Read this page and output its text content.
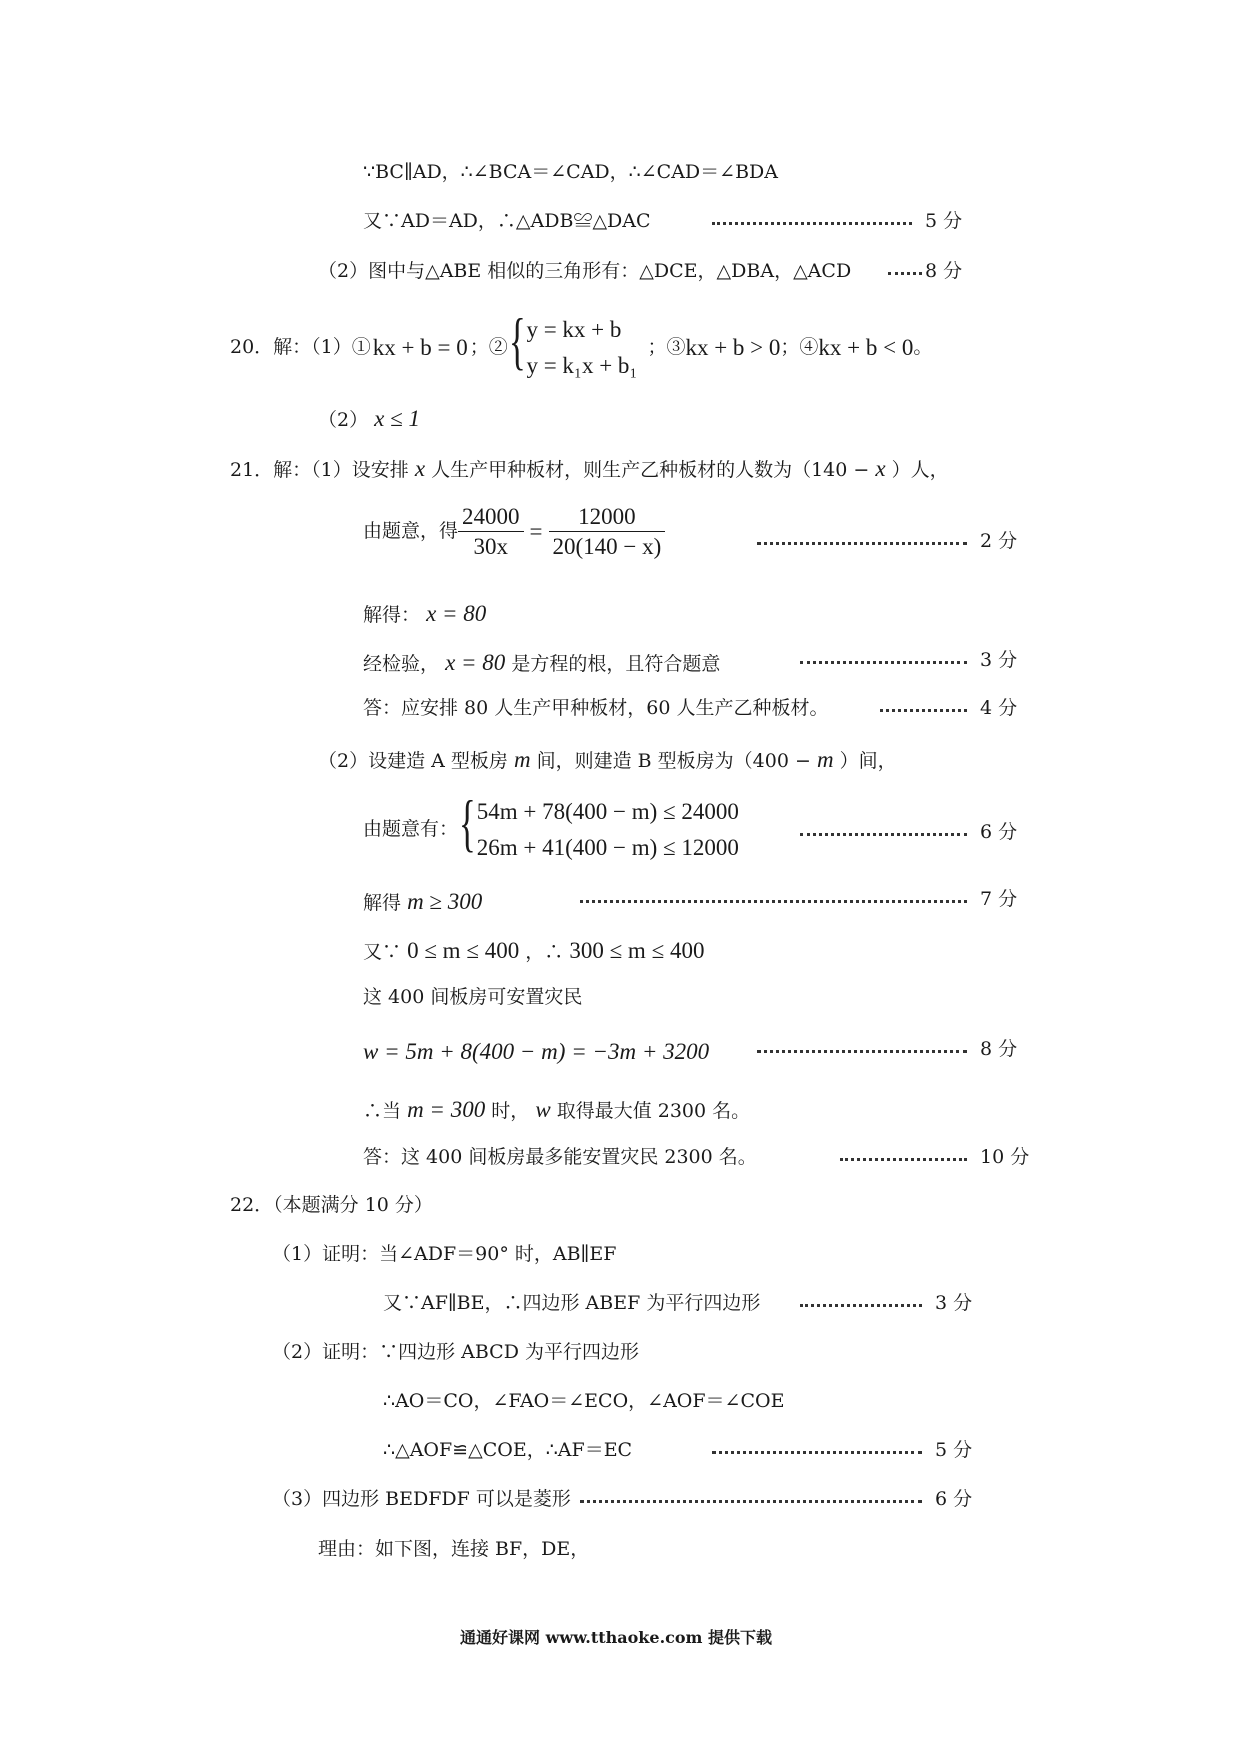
∵BC∥AD，∴∠BCA＝∠CAD，∴∠CAD＝∠BDA
又∵AD＝AD，∴△ADB≌△DAC	5 分
（2）图中与△ABE 相似的三角形有：△DCE，△DBA，△ACD	8 分
20．解：（1）① kx + b = 0 ；② { y = kx + b
y = k₁x + b₁
；③ kx + b > 0 ；④ kx + b < 0 。
（2） x ≤ 1
21．解：（1）设安排 x 人生产甲种板材，则生产乙种板材的人数为（140 − x ）人，
由题意，得 $\frac{24000}{30x} = \frac{12000}{20(140 - x)}$	2 分
解得： x = 80
经检验， x = 80 是方程的根，且符合题意	3 分
答：应安排 80 人生产甲种板材，60 人生产乙种板材。	4 分
（2）设建造 A 型板房 m 间，则建造 B 型板房为（400 − m ）间，
由题意有： { 54m + 78(400 − m) ≤ 24000
26m + 41(400 − m) ≤ 12000
6 分
解得 m ≥ 300	7 分
又∵ 0 ≤ m ≤ 400 ，∴ 300 ≤ m ≤ 400
这 400 间板房可安置灾民
w = 5m + 8(400 − m) = −3m + 3200	8 分
∴当 m = 300 时， w 取得最大值 2300 名。
答：这 400 间板房最多能安置灾民 2300 名。	10 分
22．（本题满分 10 分）
（1）证明：当∠ADF＝90° 时，AB∥EF
又∵AF∥BE，∴四边形 ABEF 为平行四边形	3 分
（2）证明：∵四边形 ABCD 为平行四边形
∴AO＝CO，∠FAO＝∠ECO，∠AOF＝∠COE
∴△AOF≌△COE，∴AF＝EC	5 分
（3）四边形 BEDFDF 可以是菱形	6 分
理由：如下图，连接 BF，DE，
通通好课网 www.tthaoke.com 提供下载
